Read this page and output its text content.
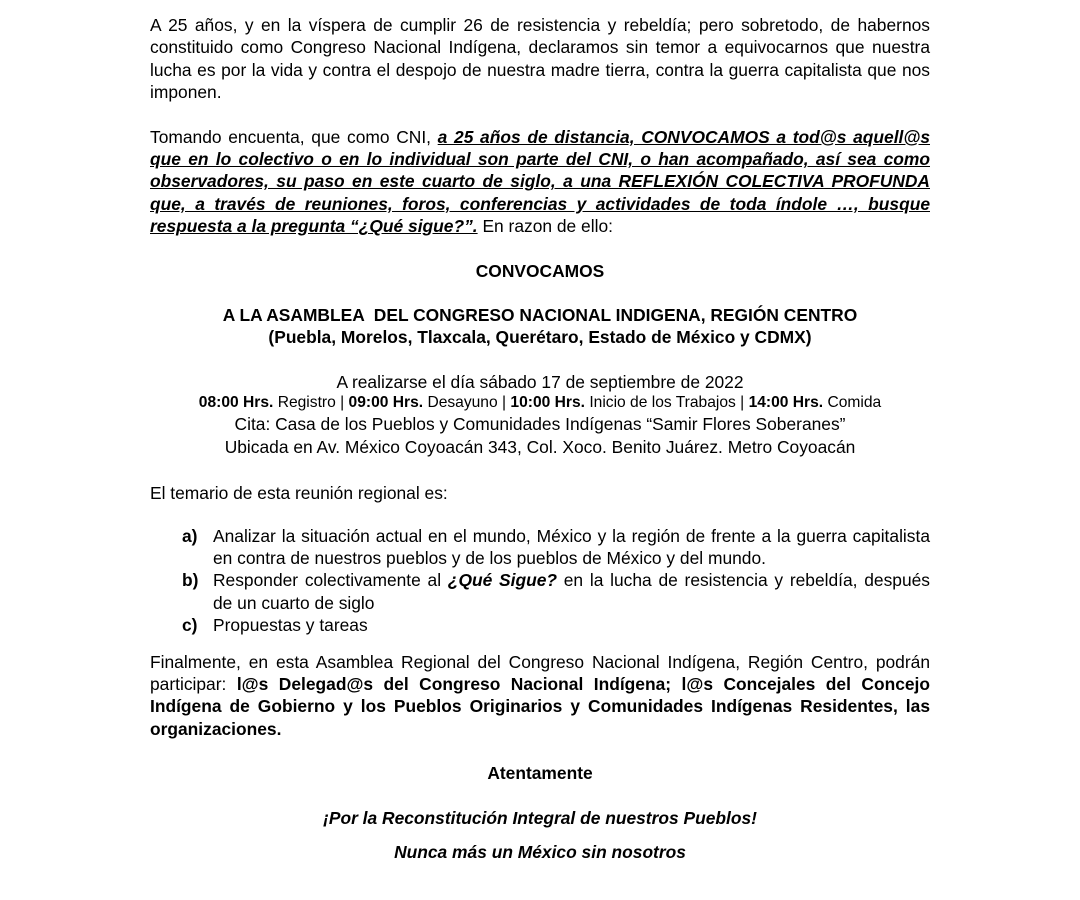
A 25 años, y en la víspera de cumplir 26 de resistencia y rebeldía; pero sobretodo, de habernos constituido como Congreso Nacional Indígena, declaramos sin temor a equivocarnos que nuestra lucha es por la vida y contra el despojo de nuestra madre tierra, contra la guerra capitalista que nos imponen.

Tomando encuenta, que como CNI, a 25 años de distancia, CONVOCAMOS a tod@s aquell@s que en lo colectivo o en lo individual son parte del CNI, o han acompañado, así sea como observadores, su paso en este cuarto de siglo, a una REFLEXIÓN COLECTIVA PROFUNDA que, a través de reuniones, foros, conferencias y actividades de toda índole …, busque respuesta a la pregunta “¿Qué sigue?”. En razon de ello:

CONVOCAMOS

A LA ASAMBLEA  DEL CONGRESO NACIONAL INDIGENA, REGIÓN CENTRO

(Puebla, Morelos, Tlaxcala, Querétaro, Estado de México y CDMX)

A realizarse el día sábado 17 de septiembre de 2022

08:00 Hrs. Registro | 09:00 Hrs. Desayuno | 10:00 Hrs. Inicio de los Trabajos | 14:00 Hrs. Comida

Cita: Casa de los Pueblos y Comunidades Indígenas “Samir Flores Soberanes”

Ubicada en Av. México Coyoacán 343, Col. Xoco. Benito Juárez. Metro Coyoacán

El temario de esta reunión regional es:

a) Analizar la situación actual en el mundo, México y la región de frente a la guerra capitalista en contra de nuestros pueblos y de los pueblos de México y del mundo.
b) Responder colectivamente al ¿Qué Sigue? en la lucha de resistencia y rebeldía, después de un cuarto de siglo
c) Propuestas y tareas

Finalmente, en esta Asamblea Regional del Congreso Nacional Indígena, Región Centro, podrán participar: l@s Delegad@s del Congreso Nacional Indígena; l@s Concejales del Concejo Indígena de Gobierno y los Pueblos Originarios y Comunidades Indígenas Residentes, las organizaciones.

Atentamente

¡Por la Reconstitución Integral de nuestros Pueblos!

Nunca más un México sin nosotros
